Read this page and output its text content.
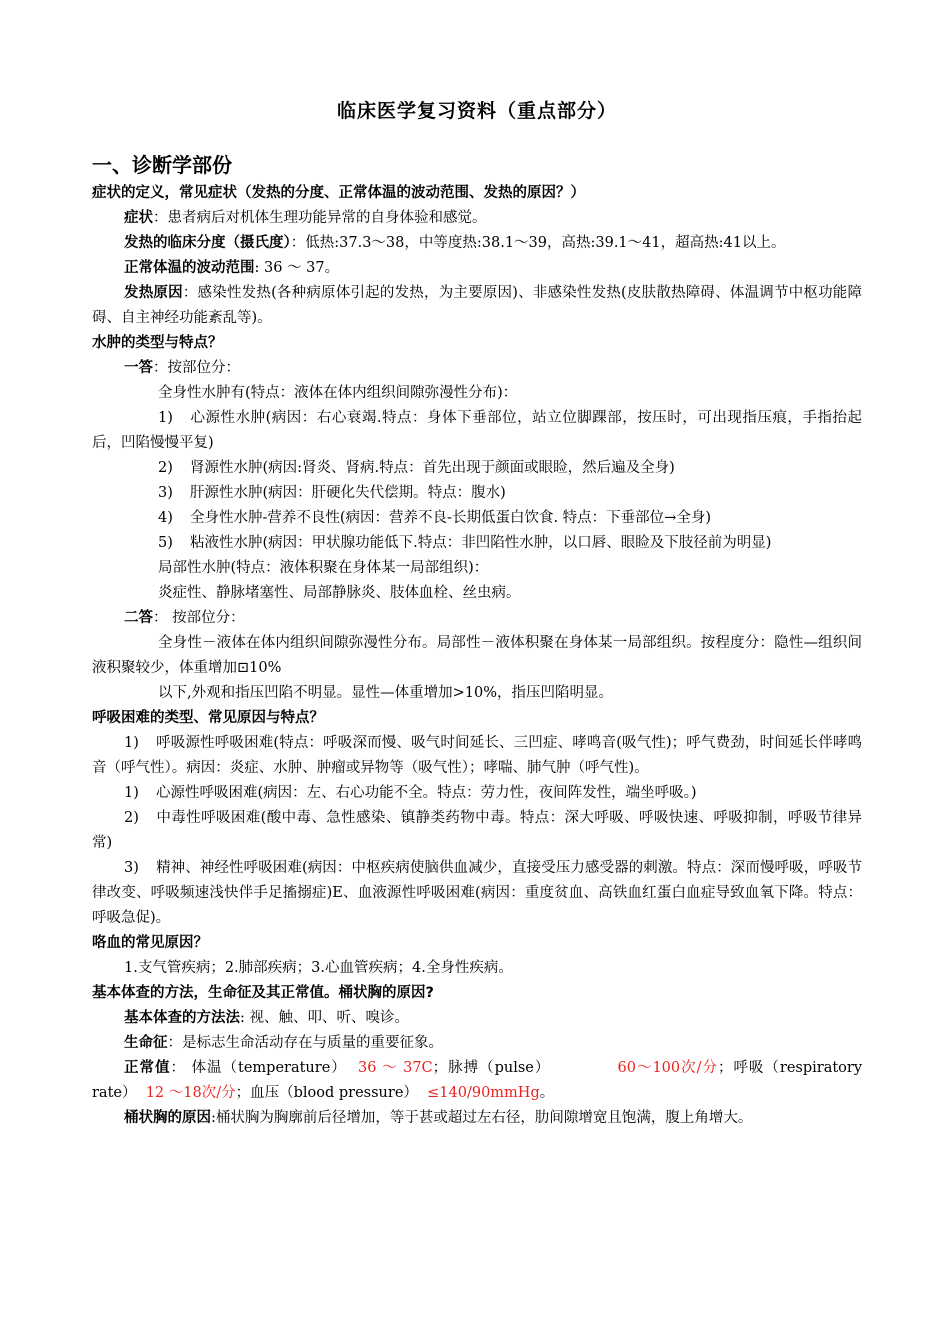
临床医学复习资料（重点部分）
一、诊断学部份
症状的定义，常见症状（发热的分度、正常体温的波动范围、发热的原因？）

症状：患者病后对机体生理功能异常的自身体验和感觉。

发热的临床分度（摄氏度）：低热:37.3～38，中等度热:38.1～39，高热:39.1～41，超高热:41以上。

正常体温的波动范围: 36 ～ 37。

发热原因：感染性发热(各种病原体引起的发热，为主要原因)、非感染性发热(皮肤散热障碍、体温调节中枢功能障碍、自主神经功能紊乱等)。

水肿的类型与特点？

一答：按部位分：

全身性水肿有(特点：液体在体内组织间隙弥漫性分布)：

1) 心源性水肿(病因：右心衰竭.特点：身体下垂部位，站立位脚踝部，按压时，可出现指压痕，手指抬起后，凹陷慢慢平复)

2) 肾源性水肿(病因:肾炎、肾病.特点：首先出现于颜面或眼睑，然后遍及全身)

3) 肝源性水肿(病因：肝硬化失代偿期。特点：腹水)

4) 全身性水肿-营养不良性(病因：营养不良-长期低蛋白饮食. 特点：下垂部位→全身)

5) 粘液性水肿(病因：甲状腺功能低下.特点：非凹陷性水肿，以口唇、眼睑及下肢径前为明显)

局部性水肿(特点：液体积聚在身体某一局部组织)：

炎症性、静脉堵塞性、局部静脉炎、肢体血栓、丝虫病。

二答： 按部位分：

全身性－液体在体内组织间隙弥漫性分布。局部性－液体积聚在身体某一局部组织。按程度分：隐性—组织间液积聚较少，体重增加⊡10%

以下,外观和指压凹陷不明显。显性—体重增加>10%，指压凹陷明显。

呼吸困难的类型、常见原因与特点？

1) 呼吸源性呼吸困难(特点：呼吸深而慢、吸气时间延长、三凹症、哮鸣音(吸气性)；呼气费劲，时间延长伴哮鸣音（呼气性）。病因：炎症、水肿、肿瘤或异物等（吸气性）；哮喘、肺气肿（呼气性)。

1) 心源性呼吸困难(病因：左、右心功能不全。特点：劳力性，夜间阵发性，端坐呼吸。)

2) 中毒性呼吸困难(酸中毒、急性感染、镇静类药物中毒。特点：深大呼吸、呼吸快速、呼吸抑制，呼吸节律异常)

3) 精神、神经性呼吸困难(病因：中枢疾病使脑供血减少，直接受压力感受器的刺激。特点：深而慢呼吸，呼吸节律改变、呼吸频速浅快伴手足搐搦症)E、血液源性呼吸困难(病因：重度贫血、高铁血红蛋白血症导致血氧下降。特点：呼吸急促)。

咯血的常见原因？

1.支气管疾病；2.肺部疾病；3.心血管疾病；4.全身性疾病。

基本体查的方法，生命征及其正常值。桶状胸的原因?

基本体查的方法法: 视、触、叩、听、嗅诊。

生命征：是标志生命活动存在与质量的重要征象。

正常值： 体温（temperature） 36 ～ 37C；脉搏（pulse）	60～100次/分；呼吸（respiratory rate） 12 ～18次/分；血压（blood pressure） ≤140/90mmHg。

桶状胸的原因:桶状胸为胸廓前后径增加，等于甚或超过左右径，肋间隙增宽且饱满，腹上角增大。
